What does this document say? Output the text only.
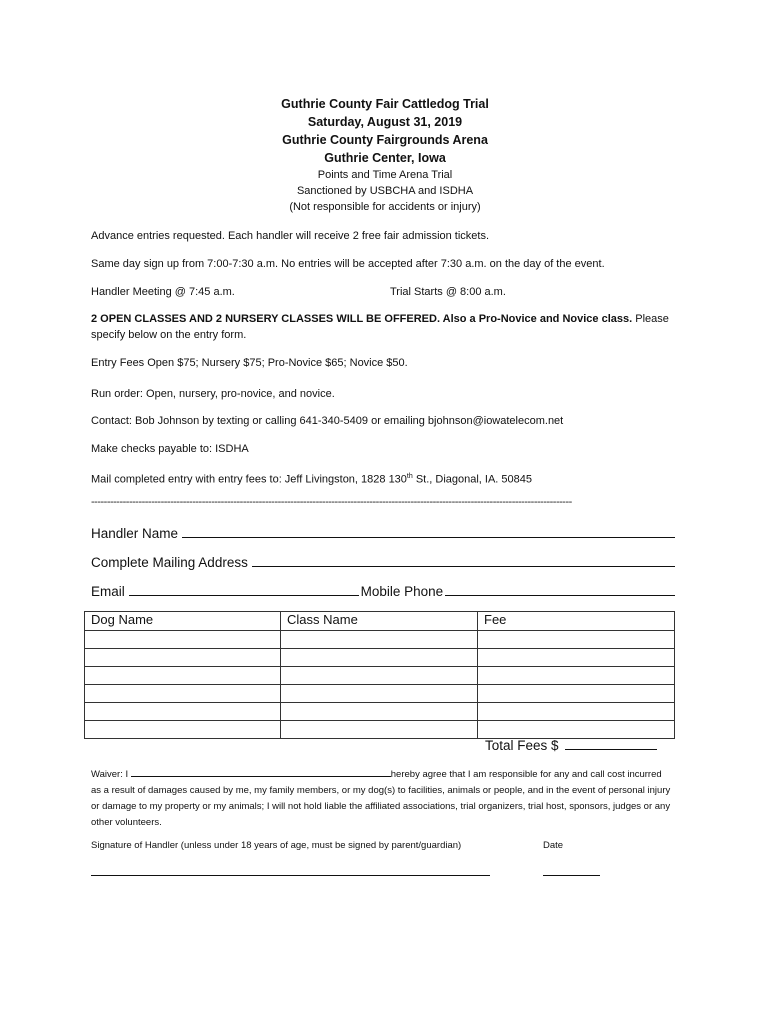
Guthrie County Fair Cattledog Trial
Saturday, August 31, 2019
Guthrie County Fairgrounds Arena
Guthrie Center, Iowa
Points and Time Arena Trial
Sanctioned by USBCHA and ISDHA
(Not responsible for accidents or injury)
Advance entries requested. Each handler will receive 2 free fair admission tickets.
Same day sign up from 7:00-7:30 a.m. No entries will be accepted after 7:30 a.m. on the day of the event.
Handler Meeting @ 7:45 a.m.	Trial Starts @ 8:00 a.m.
2 OPEN CLASSES AND 2 NURSERY CLASSES WILL BE OFFERED. Also a Pro-Novice and Novice class. Please specify below on the entry form.
Entry Fees Open $75; Nursery $75; Pro-Novice $65; Novice $50.
Run order: Open, nursery, pro-novice, and novice.
Contact: Bob Johnson by texting or calling 641-340-5409 or emailing bjohnson@iowatelecom.net
Make checks payable to: ISDHA
Mail completed entry with entry fees to: Jeff Livingston, 1828 130th St., Diagonal, IA. 50845
--------------------------------------------------------------------------------------------------------------------------------------------------------
Handler Name
Complete Mailing Address
Email	Mobile Phone
Dog Name	Class Name	Fee

Total Fees $
Waiver: I	hereby agree that I am responsible for any and call cost incurred as a result of damages caused by me, my family members, or my dog(s) to facilities, animals or people, and in the event of personal injury or damage to my property or my animals; I will not hold liable the affiliated associations, trial organizers, trial host, sponsors, judges or any other volunteers.
Signature of Handler (unless under 18 years of age, must be signed by parent/guardian)	Date
